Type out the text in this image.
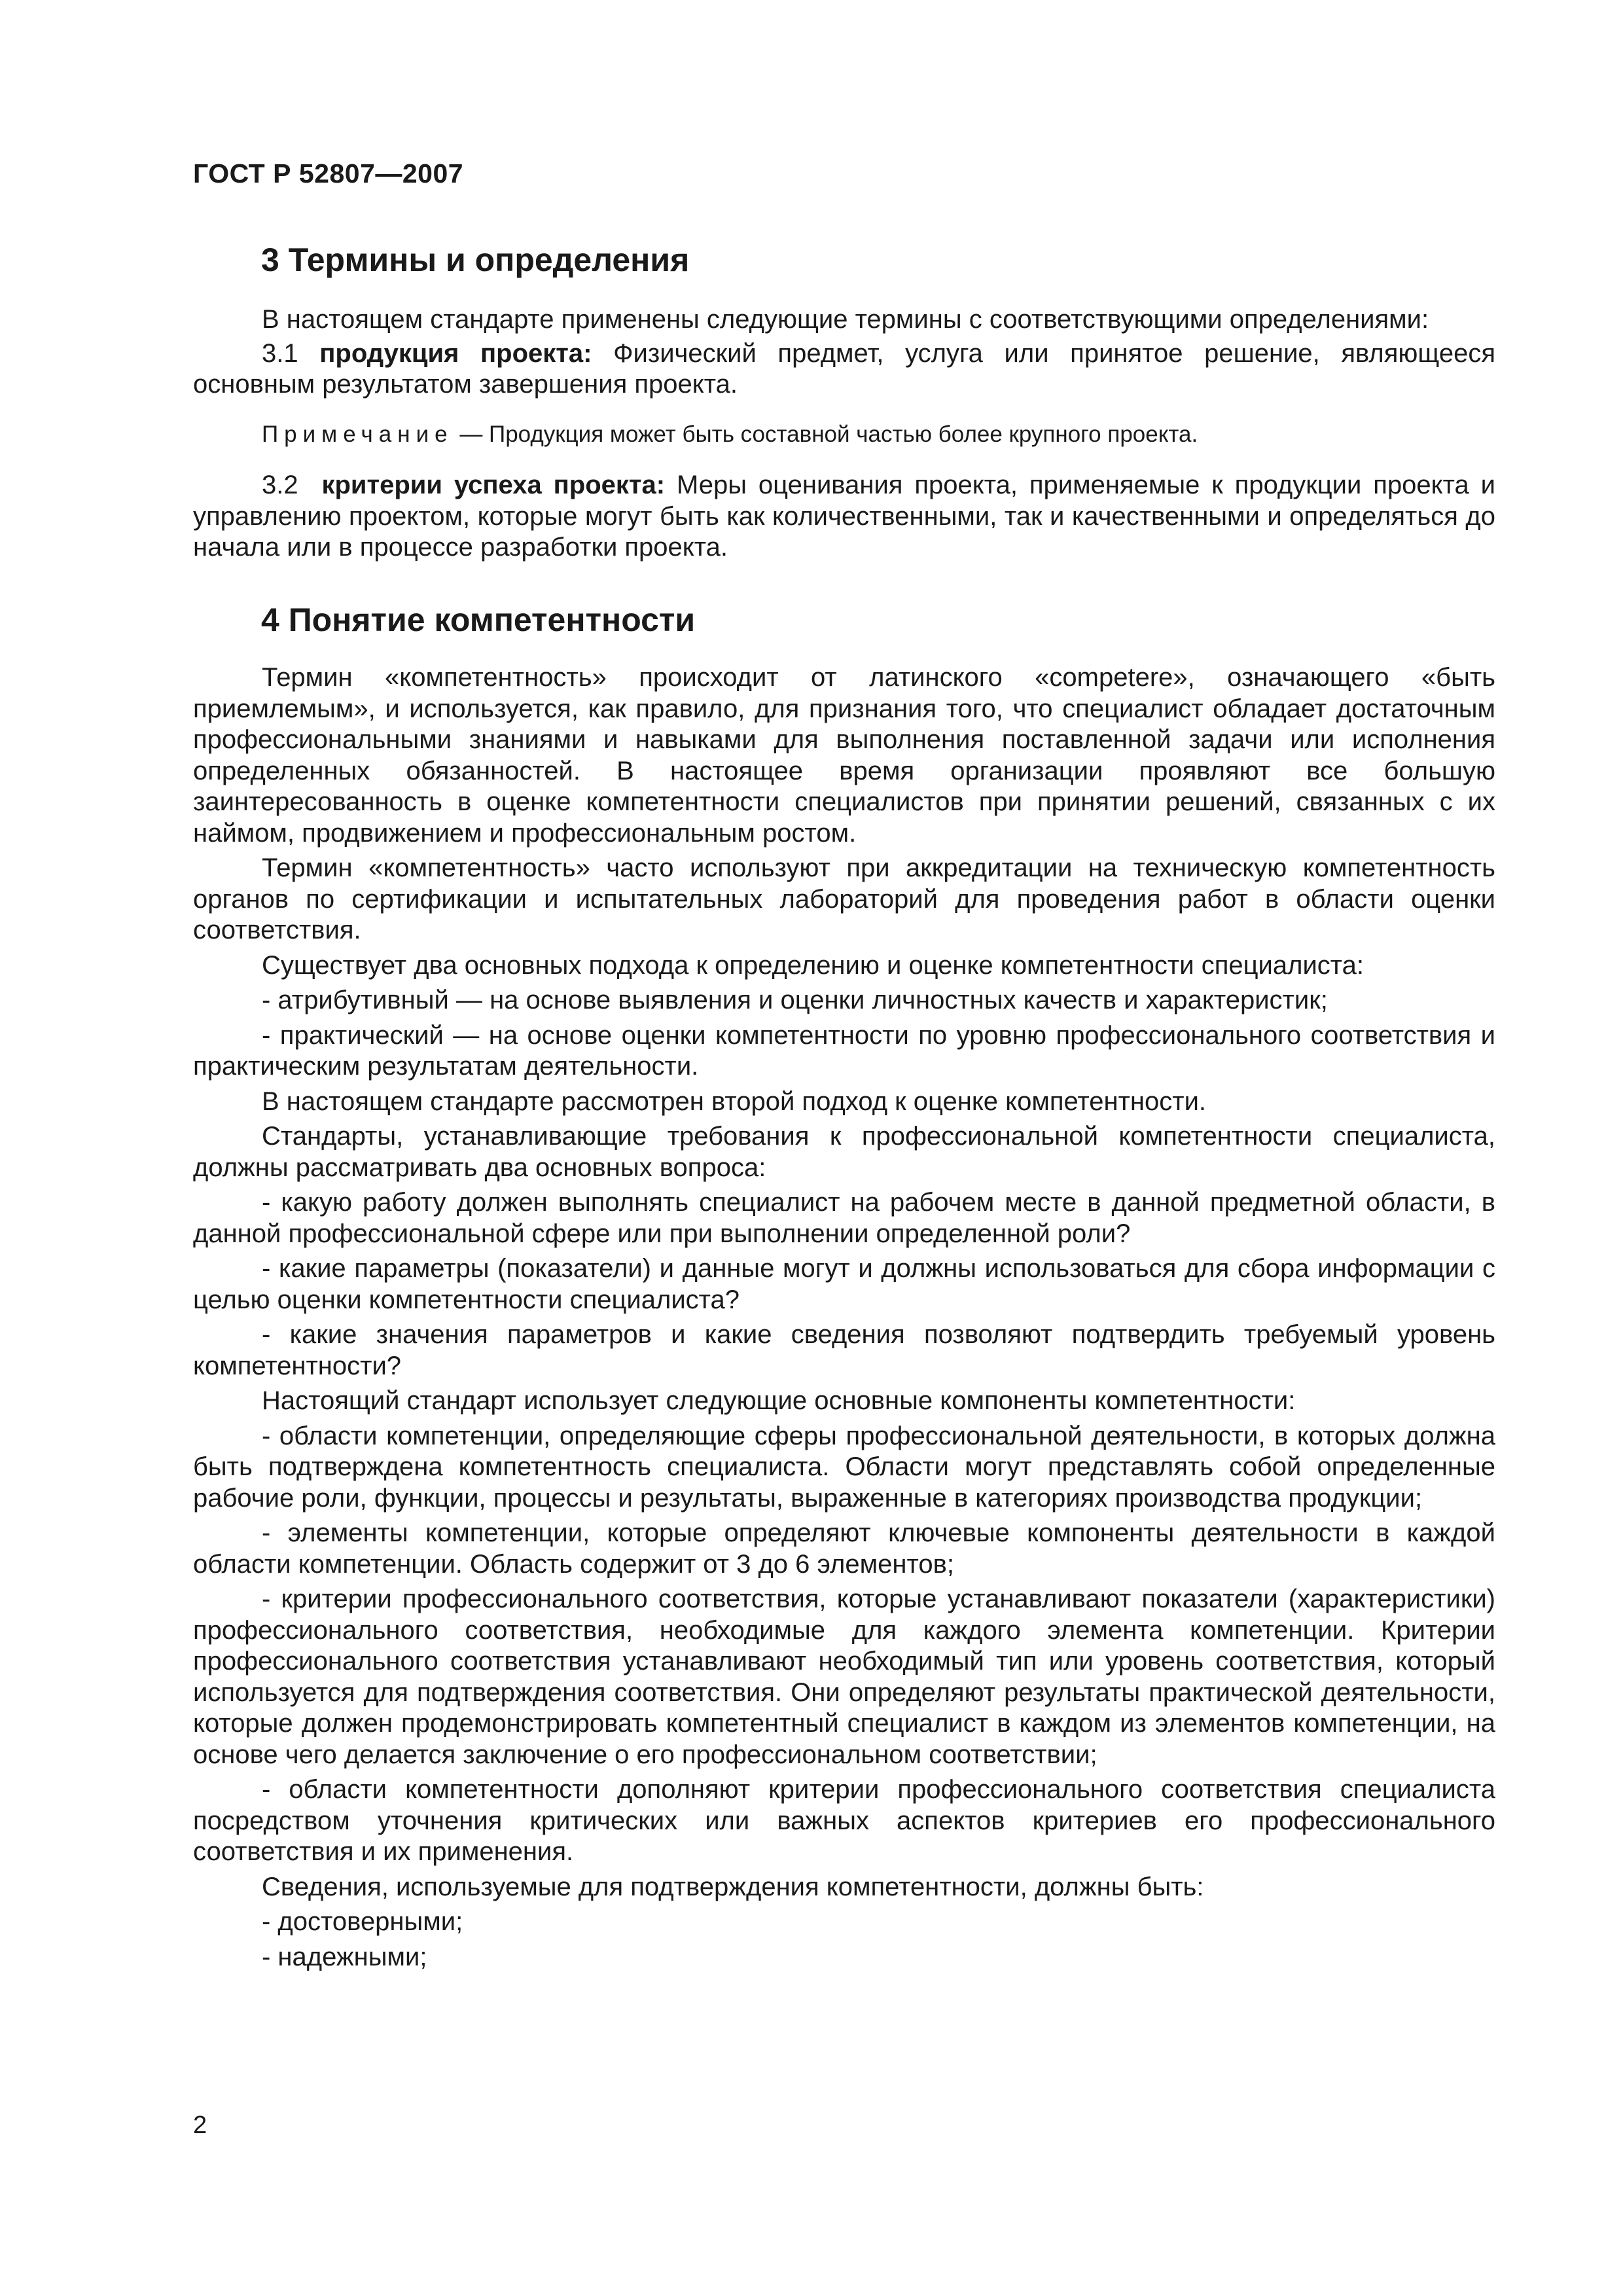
ГОСТ Р 52807—2007

3 Термины и определения

В настоящем стандарте применены следующие термины с соответствующими определениями:

3.1 продукция проекта: Физический предмет, услуга или принятое решение, являющееся основным результатом завершения проекта.

Примечание — Продукция может быть составной частью более крупного проекта.

3.2 критерии успеха проекта: Меры оценивания проекта, применяемые к продукции проекта и управлению проектом, которые могут быть как количественными, так и качественными и определяться до начала или в процессе разработки проекта.

4 Понятие компетентности

Термин «компетентность» происходит от латинского «competere», означающего «быть приемлемым», и используется, как правило, для признания того, что специалист обладает достаточным профессиональными знаниями и навыками для выполнения поставленной задачи или исполнения определенных обязанностей. В настоящее время организации проявляют все большую заинтересованность в оценке компетентности специалистов при принятии решений, связанных с их наймом, продвижением и профессиональным ростом.

Термин «компетентность» часто используют при аккредитации на техническую компетентность органов по сертификации и испытательных лабораторий для проведения работ в области оценки соответствия.

Существует два основных подхода к определению и оценке компетентности специалиста:

- атрибутивный — на основе выявления и оценки личностных качеств и характеристик;

- практический — на основе оценки компетентности по уровню профессионального соответствия и практическим результатам деятельности.

В настоящем стандарте рассмотрен второй подход к оценке компетентности.

Стандарты, устанавливающие требования к профессиональной компетентности специалиста, должны рассматривать два основных вопроса:

- какую работу должен выполнять специалист на рабочем месте в данной предметной области, в данной профессиональной сфере или при выполнении определенной роли?

- какие параметры (показатели) и данные могут и должны использоваться для сбора информации с целью оценки компетентности специалиста?

- какие значения параметров и какие сведения позволяют подтвердить требуемый уровень компетентности?

Настоящий стандарт использует следующие основные компоненты компетентности:

- области компетенции, определяющие сферы профессиональной деятельности, в которых должна быть подтверждена компетентность специалиста. Области могут представлять собой определенные рабочие роли, функции, процессы и результаты, выраженные в категориях производства продукции;

- элементы компетенции, которые определяют ключевые компоненты деятельности в каждой области компетенции. Область содержит от 3 до 6 элементов;

- критерии профессионального соответствия, которые устанавливают показатели (характеристики) профессионального соответствия, необходимые для каждого элемента компетенции. Критерии профессионального соответствия устанавливают необходимый тип или уровень соответствия, который используется для подтверждения соответствия. Они определяют результаты практической деятельности, которые должен продемонстрировать компетентный специалист в каждом из элементов компетенции, на основе чего делается заключение о его профессиональном соответствии;

- области компетентности дополняют критерии профессионального соответствия специалиста посредством уточнения критических или важных аспектов критериев его профессионального соответствия и их применения.

Сведения, используемые для подтверждения компетентности, должны быть:

- достоверными;

- надежными;

2
